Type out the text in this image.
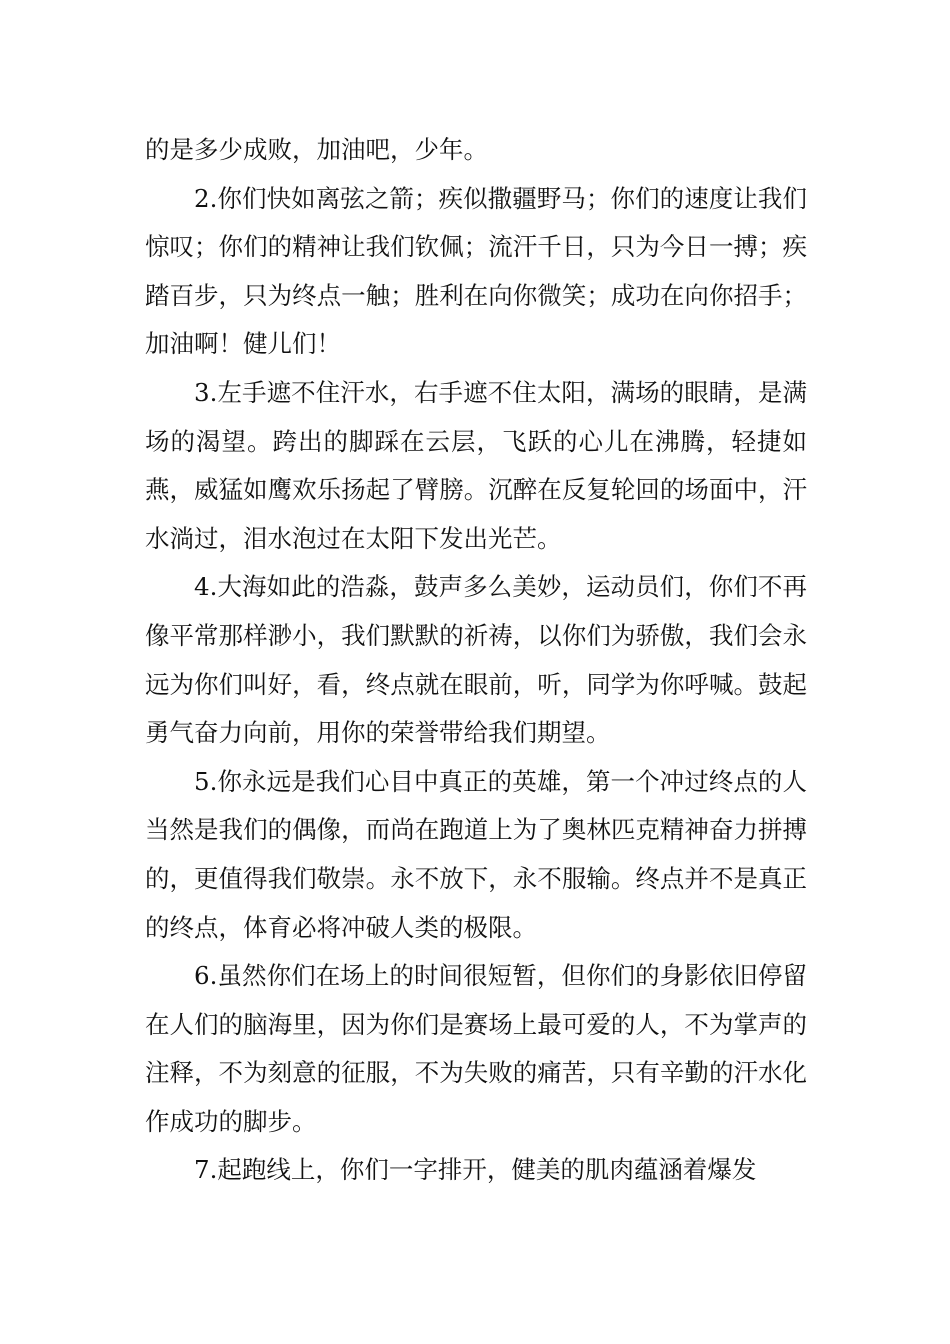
的是多少成败，加油吧，少年。

2.你们快如离弦之箭；疾似撒疆野马；你们的速度让我们惊叹；你们的精神让我们钦佩；流汗千日，只为今日一搏；疾踏百步，只为终点一触；胜利在向你微笑；成功在向你招手；加油啊！健儿们！

3.左手遮不住汗水，右手遮不住太阳，满场的眼睛，是满场的渴望。跨出的脚踩在云层，飞跃的心儿在沸腾，轻捷如燕，威猛如鹰欢乐扬起了臂膀。沉醉在反复轮回的场面中，汗水淌过，泪水泡过在太阳下发出光芒。

4.大海如此的浩淼，鼓声多么美妙，运动员们，你们不再像平常那样渺小，我们默默的祈祷，以你们为骄傲，我们会永远为你们叫好，看，终点就在眼前，听，同学为你呼喊。鼓起勇气奋力向前，用你的荣誉带给我们期望。

5.你永远是我们心目中真正的英雄，第一个冲过终点的人当然是我们的偶像，而尚在跑道上为了奥林匹克精神奋力拼搏的，更值得我们敬崇。永不放下，永不服输。终点并不是真正的终点，体育必将冲破人类的极限。

6.虽然你们在场上的时间很短暂，但你们的身影依旧停留在人们的脑海里，因为你们是赛场上最可爱的人，不为掌声的注释，不为刻意的征服，不为失败的痛苦，只有辛勤的汗水化作成功的脚步。

7.起跑线上，你们一字排开，健美的肌肉蕴涵着爆发
